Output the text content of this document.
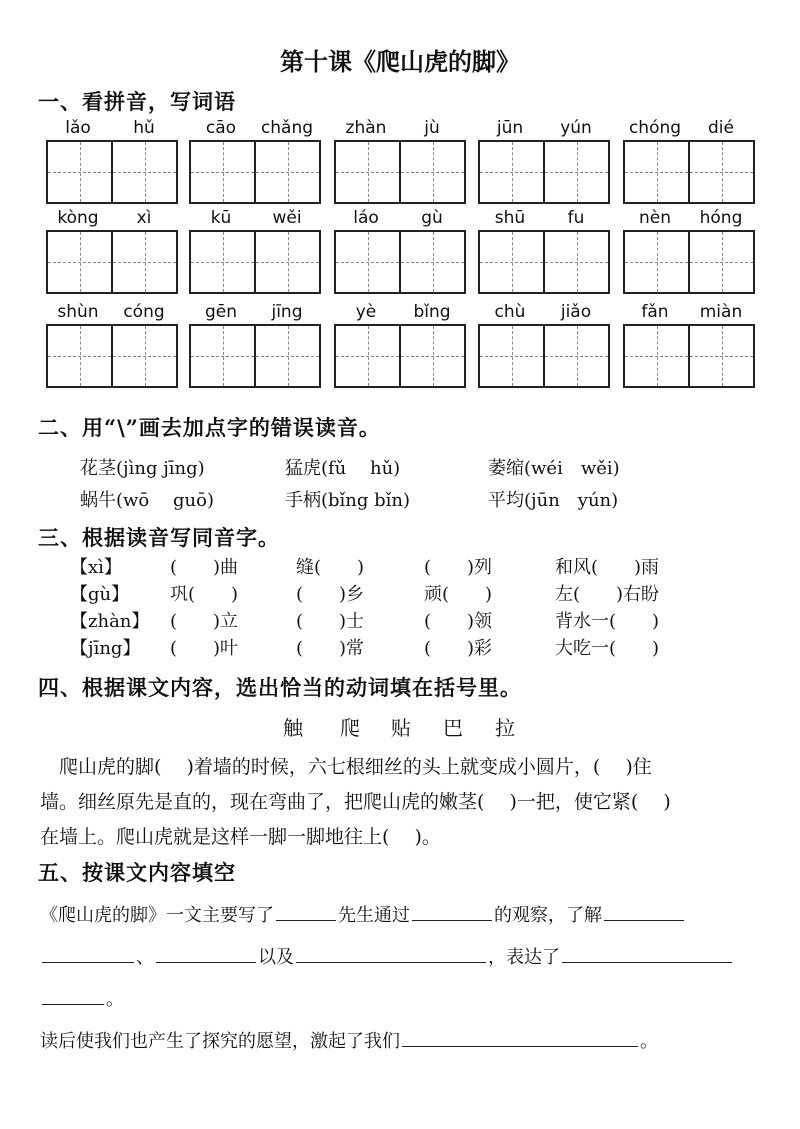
第十课《爬山虎的脚》
一、看拼音，写词语
lǎo	hǔ	cāo	chǎng	zhàn	jù	jūn	yún	chóng	dié
kòng	xì	kū	wěi	láo	gù	shū	fu	nèn	hóng
shùn	cóng	gēn	jīng	yè	bǐng	chù	jiǎo	fǎn	miàn
二、用“\”画去加点字的错误读音。
花茎(jìng jīng)	猛虎(fǔ　 hǔ)	萎缩(wéi　wěi)
蜗牛(wō　 guō)	手柄(bǐng bǐn)	平均(jūn　yún)
三、根据读音写同音字。
【xì】	(　　)曲	缝(　　)	(　　)列	和风(　　)雨
【gù】 巩(　　)	(　　)乡	顽(　　)	左(　　)右盼
【zhàn】 (　　)立	(　　)士	(　　)领	背水一(　　)
【jīng】 (　　)叶	(　　)常	(　　)彩	大吃一(　　)
四、根据课文内容，选出恰当的动词填在括号里。
触 爬 贴 巴 拉
　爬山虎的脚(　 )着墙的时候，六七根细丝的头上就变成小圆片，(　 )住
墙。细丝原先是直的，现在弯曲了，把爬山虎的嫩茎(　 )一把，使它紧(　 )
在墙上。爬山虎就是这样一脚一脚地往上(　 )。
五、按课文内容填空
《爬山虎的脚》一文主要写了	先生通过	的观察，了解
、	以及	，表达了
。
读后使我们也产生了探究的愿望，激起了我们	。
